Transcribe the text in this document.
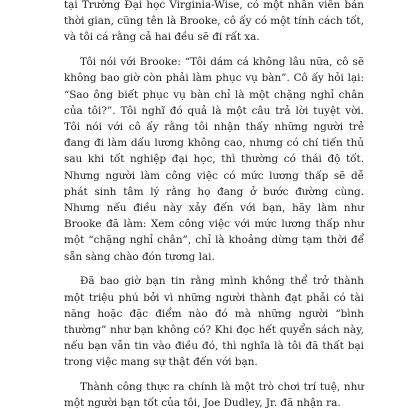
tại Trường Đại học Virginia-Wise, có một nhân viên bán thời gian, cũng tên là Brooke, cô ấy có một tính cách tốt, và tôi cá rằng cả hai đều sẽ đi rất xa.

Tôi nói với Brooke: “Tôi dám cá không lâu nữa, cô sẽ không bao giờ còn phải làm phục vụ bàn”. Cô ấy hỏi lại: “Sao ông biết phục vụ bàn chỉ là một chặng nghỉ chân của tôi?”. Tôi nghĩ đó quả là một câu trả lời tuyệt vời. Tôi nói với cô ấy rằng tôi nhận thấy những người trẻ đang đi làm dấu lương không cao, nhưng có chí tiến thủ sau khi tốt nghiệp đại học, thì thường có thái độ tốt. Nhưng người làm công việc có mức lương thấp sẽ dễ phát sinh tâm lý rằng họ đang ở bước đường cùng. Nhưng nếu điều này xảy đến với bạn, hãy làm như Brooke đã làm: Xem công việc với mức lương thấp như một “chặng nghỉ chân”, chỉ là khoảng dừng tạm thời để sẵn sàng chào đón tương lai.

Đã bao giờ bạn tin rằng mình không thể trở thành một triệu phú bởi vì những người thành đạt phải có tài năng hoặc đặc điểm nào đó mà những người “bình thường” như bạn không có? Khi đọc hết quyển sách này, nếu bạn vẫn tin vào điều đó, thì nghĩa là tôi đã thất bại trong việc mang sự thật đến với bạn.

Thành công thực ra chính là một trò chơi trí tuệ, như một người bạn tốt của tôi, Joe Dudley, Jr. đã nhận ra.
